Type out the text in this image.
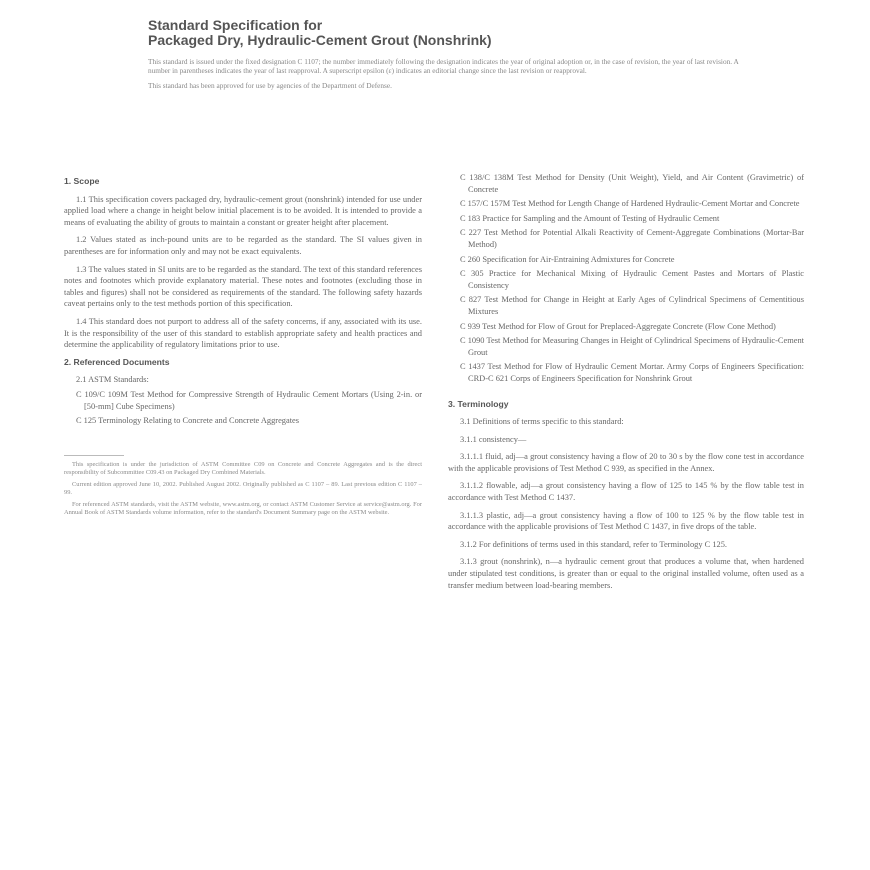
Standard Specification for
Packaged Dry, Hydraulic-Cement Grout (Nonshrink)
This standard is issued under the fixed designation C 1107; the number immediately following the designation indicates the year of original adoption or, in the case of revision, the year of last revision. A number in parentheses indicates the year of last reapproval. A superscript epsilon (ε) indicates an editorial change since the last revision or reapproval.
This standard has been approved for use by agencies of the Department of Defense.
1. Scope

1.1 This specification covers packaged dry, hydraulic-cement grout (nonshrink) intended for use under applied load where a change in height below initial placement is to be avoided. It is intended to provide a means of evaluating the ability of grouts to maintain a constant or greater height after placement.

1.2 Values stated as inch-pound units are to be regarded as the standard. The SI values given in parentheses are for information only and may not be exact equivalents.

1.3 The values stated in SI units are to be regarded as the standard. The text of this standard references notes and footnotes which provide explanatory material. These notes and footnotes (excluding those in tables and figures) shall not be considered as requirements of the standard. The following safety hazards caveat pertains only to the test methods portion of this specification.

1.4 This standard does not purport to address all of the safety concerns, if any, associated with its use. It is the responsibility of the user of this standard to establish appropriate safety and health practices and determine the applicability of regulatory limitations prior to use.

2. Referenced Documents

2.1 ASTM Standards:

C 109/C 109M Test Method for Compressive Strength of Hydraulic Cement Mortars (Using 2-in. or [50-mm] Cube Specimens)

C 125 Terminology Relating to Concrete and Concrete Aggregates

This specification is under the jurisdiction of ASTM Committee C09 on Concrete and Concrete Aggregates and is the direct responsibility of Subcommittee C09.43 on Packaged Dry Combined Materials.

Current edition approved June 10, 2002. Published August 2002. Originally published as C 1107 – 89. Last previous edition C 1107 – 99.

For referenced ASTM standards, visit the ASTM website, www.astm.org, or contact ASTM Customer Service at service@astm.org. For Annual Book of ASTM Standards volume information, refer to the standard's Document Summary page on the ASTM website.

C 138/C 138M Test Method for Density (Unit Weight), Yield, and Air Content (Gravimetric) of Concrete

C 157/C 157M Test Method for Length Change of Hardened Hydraulic-Cement Mortar and Concrete

C 183 Practice for Sampling and the Amount of Testing of Hydraulic Cement

C 227 Test Method for Potential Alkali Reactivity of Cement-Aggregate Combinations (Mortar-Bar Method)

C 260 Specification for Air-Entraining Admixtures for Concrete

C 305 Practice for Mechanical Mixing of Hydraulic Cement Pastes and Mortars of Plastic Consistency

C 827 Test Method for Change in Height at Early Ages of Cylindrical Specimens of Cementitious Mixtures

C 939 Test Method for Flow of Grout for Preplaced-Aggregate Concrete (Flow Cone Method)

C 1090 Test Method for Measuring Changes in Height of Cylindrical Specimens of Hydraulic-Cement Grout

C 1437 Test Method for Flow of Hydraulic Cement Mortar. Army Corps of Engineers Specification: CRD-C 621 Corps of Engineers Specification for Nonshrink Grout

3. Terminology

3.1 Definitions of terms specific to this standard:

3.1.1 consistency—

3.1.1.1 fluid, adj—a grout consistency having a flow of 20 to 30 s by the flow cone test in accordance with the applicable provisions of Test Method C 939, as specified in the Annex.

3.1.1.2 flowable, adj—a grout consistency having a flow of 125 to 145 % by the flow table test in accordance with Test Method C 1437.

3.1.1.3 plastic, adj—a grout consistency having a flow of 100 to 125 % by the flow table test in accordance with the applicable provisions of Test Method C 1437, in five drops of the table.

3.1.2 For definitions of terms used in this standard, refer to Terminology C 125.

3.1.3 grout (nonshrink), n—a hydraulic cement grout that produces a volume that, when hardened under stipulated test conditions, is greater than or equal to the original installed volume, often used as a transfer medium between load-bearing members.
